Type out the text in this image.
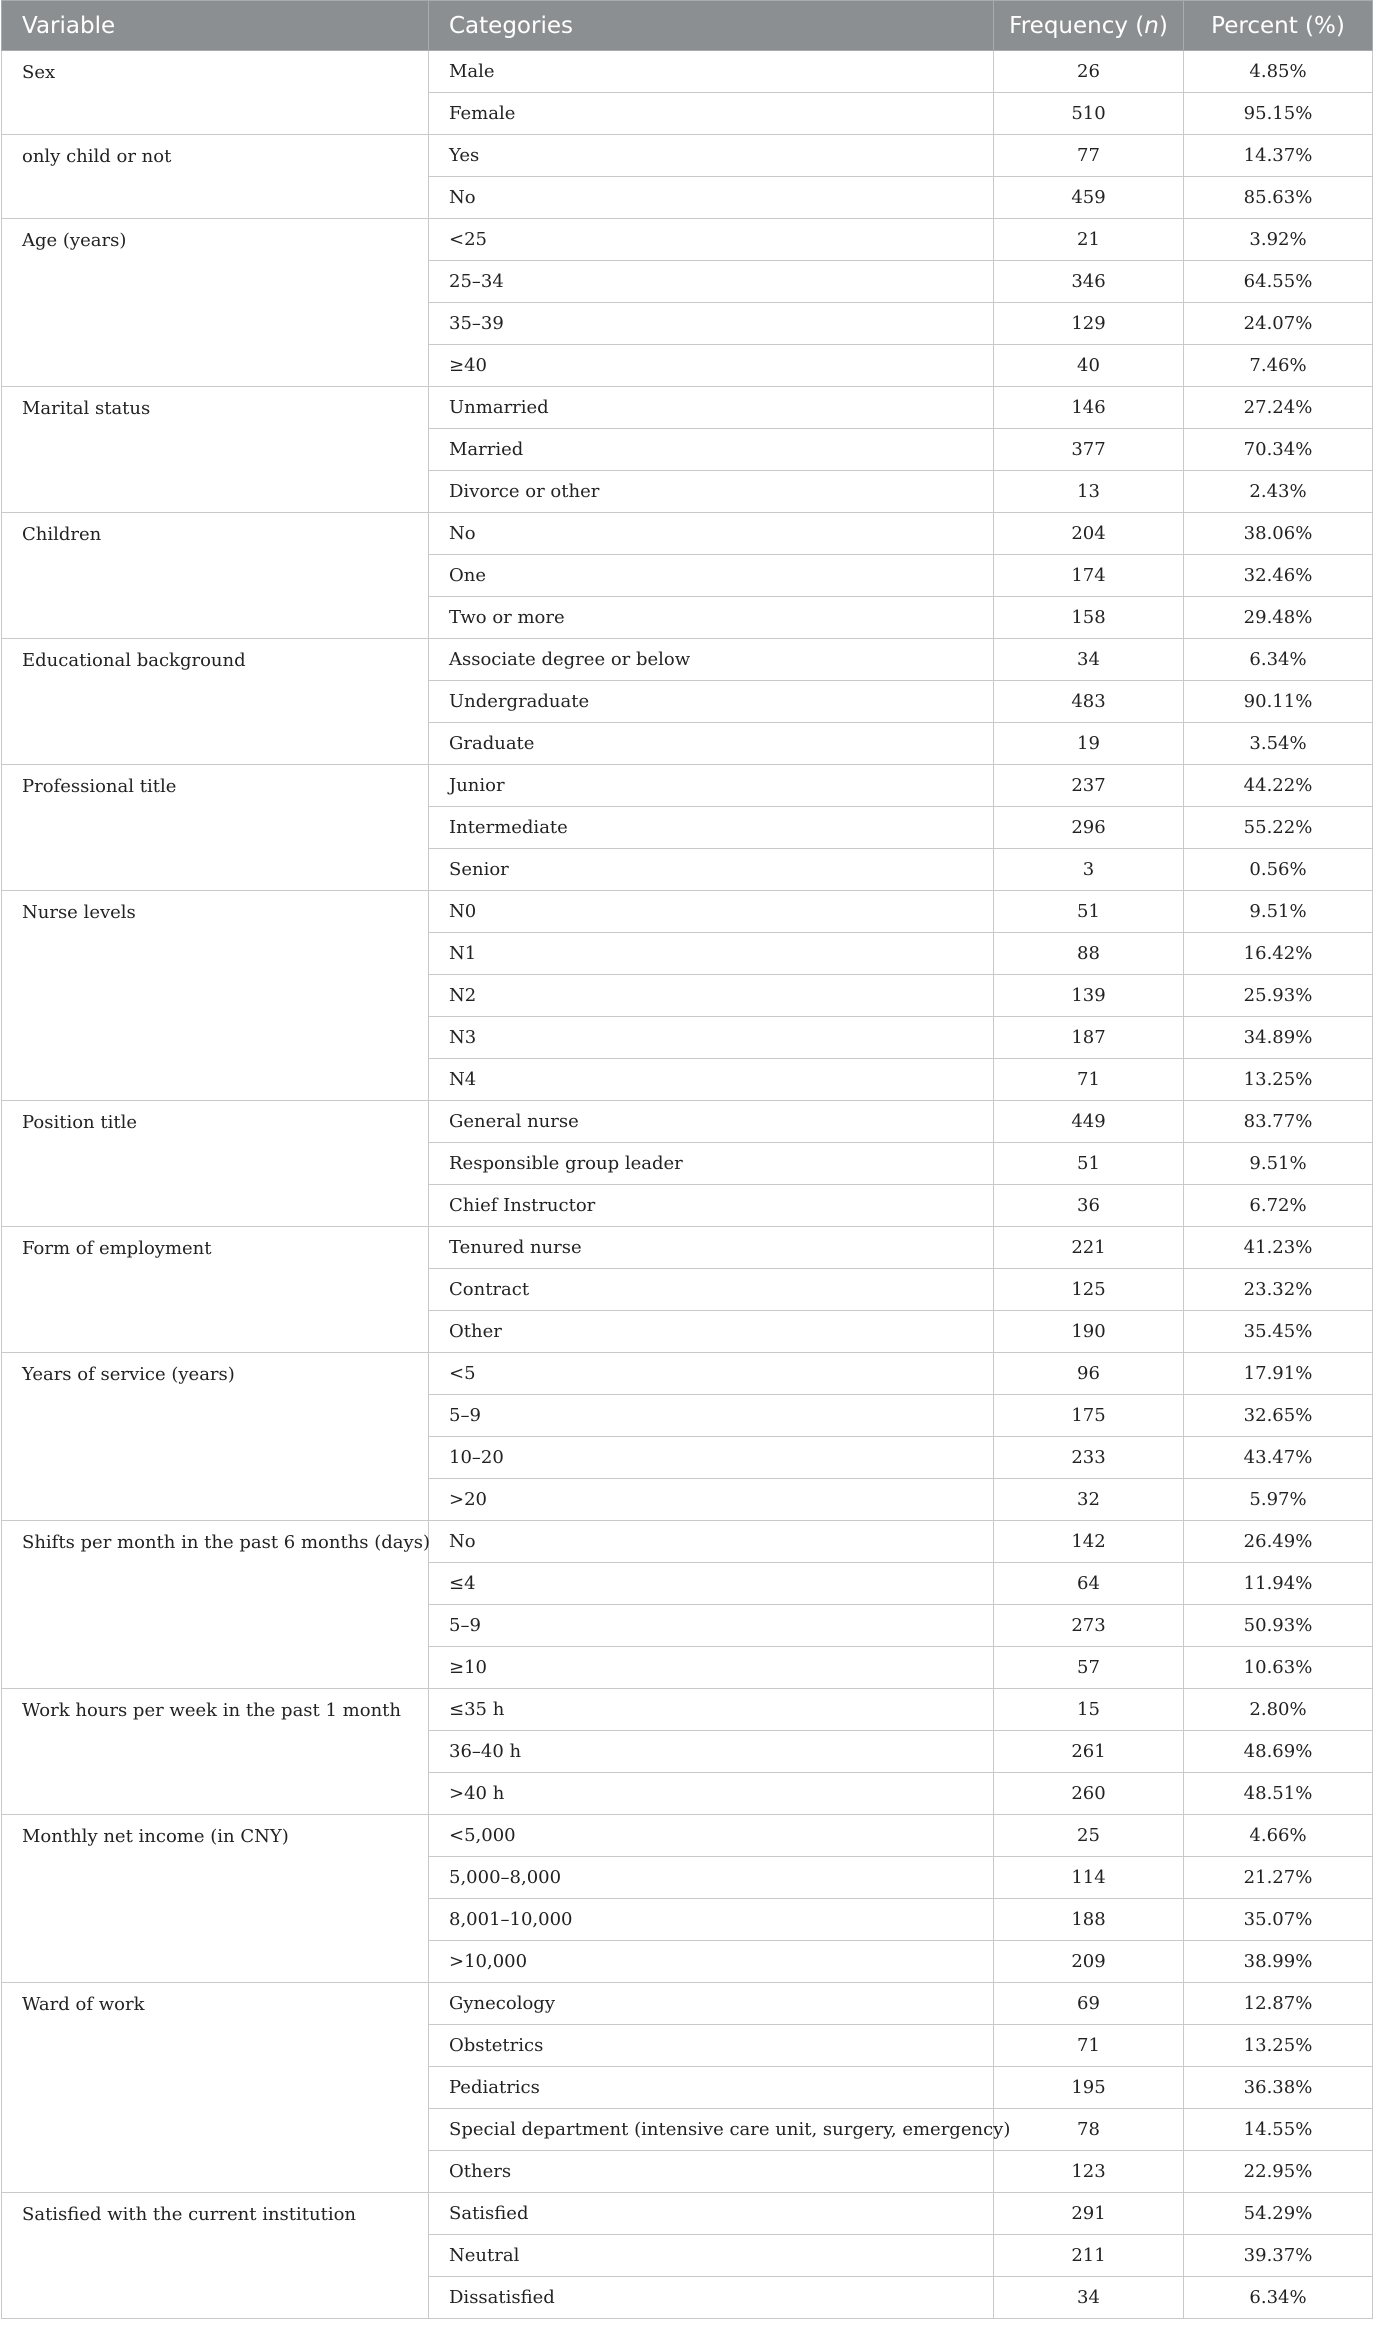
Variable	Categories	Frequency (n)	Percent (%)
Sex	Male	26	4.85%
	Female	510	95.15%
only child or not	Yes	77	14.37%
	No	459	85.63%
Age (years)	<25	21	3.92%
	25–34	346	64.55%
	35–39	129	24.07%
	≥40	40	7.46%
Marital status	Unmarried	146	27.24%
	Married	377	70.34%
	Divorce or other	13	2.43%
Children	No	204	38.06%
	One	174	32.46%
	Two or more	158	29.48%
Educational background	Associate degree or below	34	6.34%
	Undergraduate	483	90.11%
	Graduate	19	3.54%
Professional title	Junior	237	44.22%
	Intermediate	296	55.22%
	Senior	3	0.56%
Nurse levels	N0	51	9.51%
	N1	88	16.42%
	N2	139	25.93%
	N3	187	34.89%
	N4	71	13.25%
Position title	General nurse	449	83.77%
	Responsible group leader	51	9.51%
	Chief Instructor	36	6.72%
Form of employment	Tenured nurse	221	41.23%
	Contract	125	23.32%
	Other	190	35.45%
Years of service (years)	<5	96	17.91%
	5–9	175	32.65%
	10–20	233	43.47%
	>20	32	5.97%
Shifts per month in the past 6 months (days)	No	142	26.49%
	≤4	64	11.94%
	5–9	273	50.93%
	≥10	57	10.63%
Work hours per week in the past 1 month	≤35 h	15	2.80%
	36–40 h	261	48.69%
	>40 h	260	48.51%
Monthly net income (in CNY)	<5,000	25	4.66%
	5,000–8,000	114	21.27%
	8,001–10,000	188	35.07%
	>10,000	209	38.99%
Ward of work	Gynecology	69	12.87%
	Obstetrics	71	13.25%
	Pediatrics	195	36.38%
	Special department (intensive care unit, surgery, emergency)	78	14.55%
	Others	123	22.95%
Satisfied with the current institution	Satisfied	291	54.29%
	Neutral	211	39.37%
	Dissatisfied	34	6.34%
